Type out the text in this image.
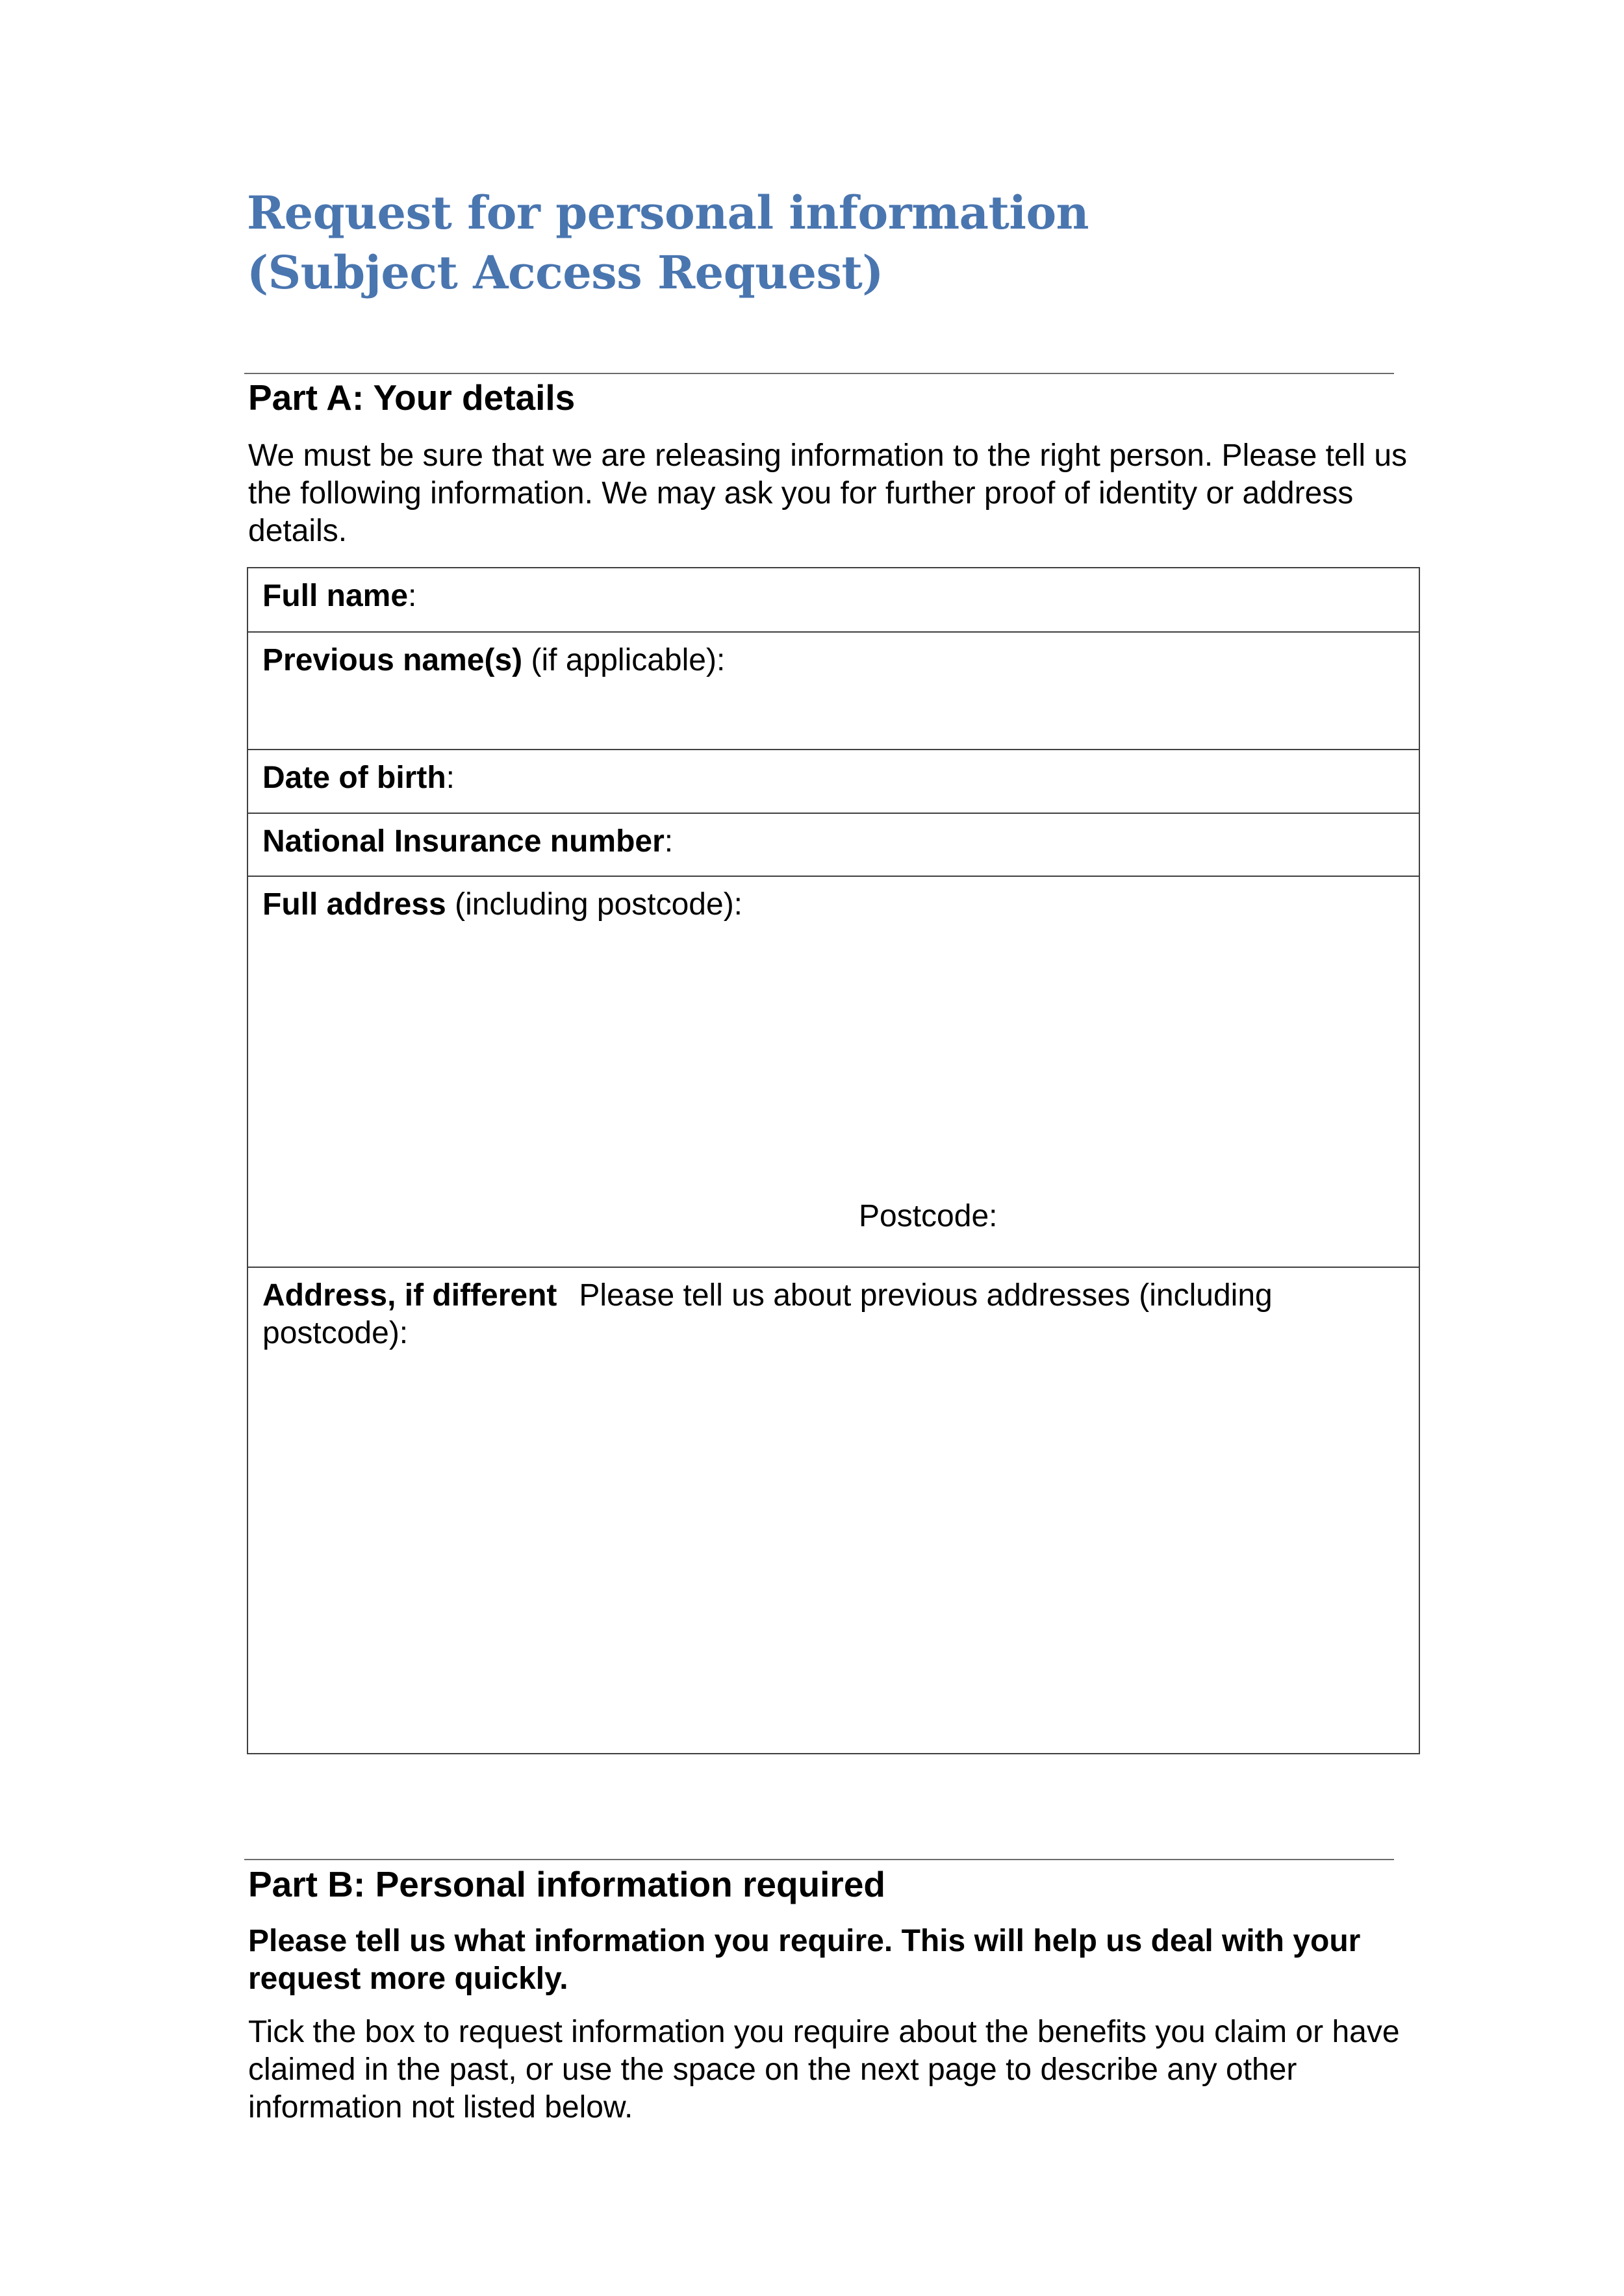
Request for personal information
(Subject Access Request)
Part A: Your details

We must be sure that we are releasing information to the right person. Please tell us the following information. We may ask you for further proof of identity or address details.

Full name:
Previous name(s) (if applicable):
Date of birth:
National Insurance number:
Full address (including postcode):
Postcode:
Address, if different Please tell us about previous addresses (including postcode):
Part B: Personal information required

Please tell us what information you require. This will help us deal with your request more quickly.

Tick the box to request information you require about the benefits you claim or have claimed in the past, or use the space on the next page to describe any other information not listed below.
